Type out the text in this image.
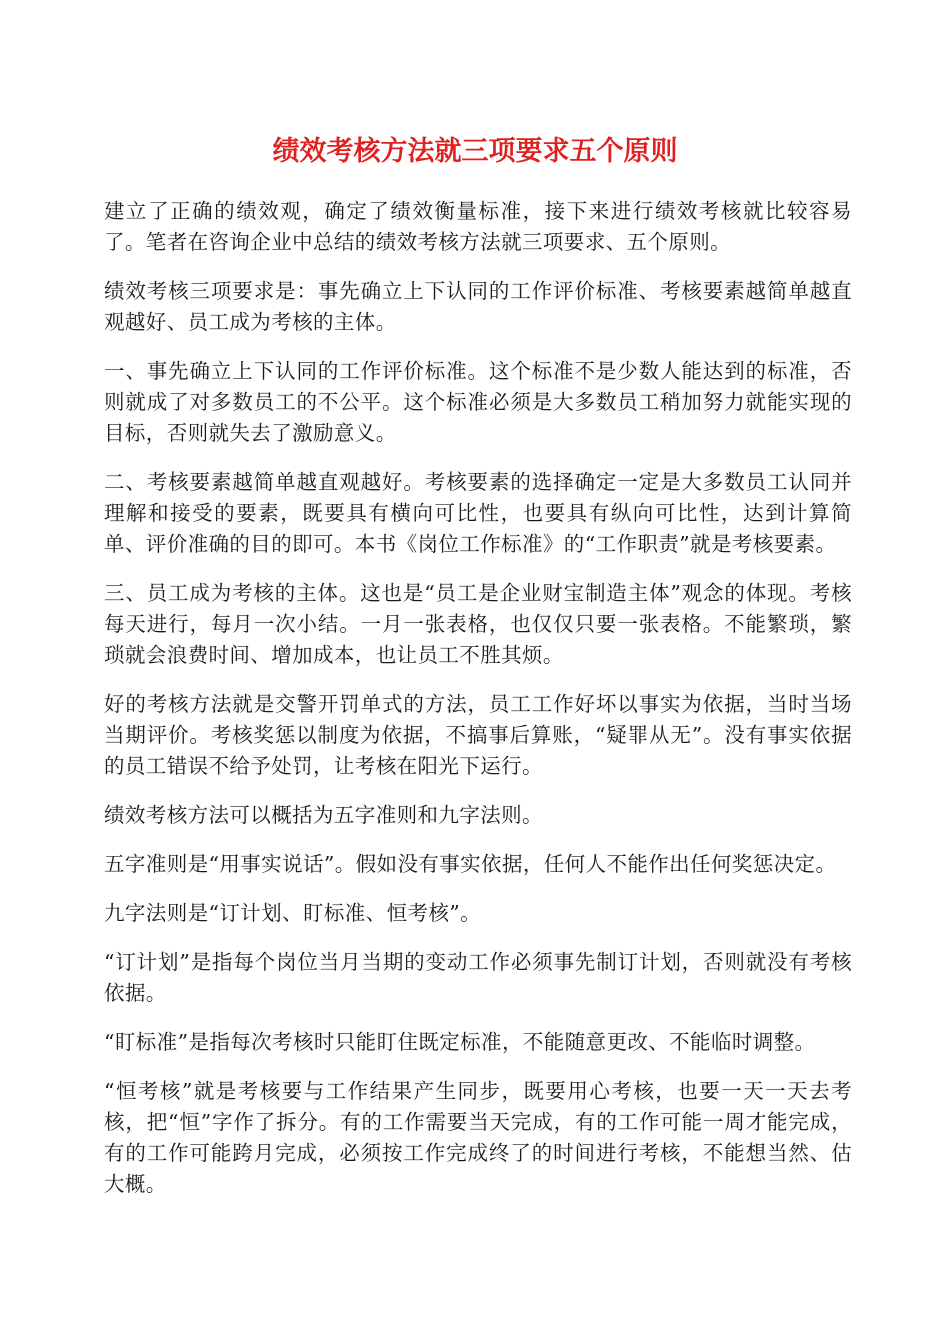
绩效考核方法就三项要求五个原则

建立了正确的绩效观，确定了绩效衡量标准，接下来进行绩效考核就比较容易了。笔者在咨询企业中总结的绩效考核方法就三项要求、五个原则。

绩效考核三项要求是：事先确立上下认同的工作评价标准、考核要素越简单越直观越好、员工成为考核的主体。

一、事先确立上下认同的工作评价标准。这个标准不是少数人能达到的标准，否则就成了对多数员工的不公平。这个标准必须是大多数员工稍加努力就能实现的目标，否则就失去了激励意义。

二、考核要素越简单越直观越好。考核要素的选择确定一定是大多数员工认同并理解和接受的要素，既要具有横向可比性，也要具有纵向可比性，达到计算简单、评价准确的目的即可。本书《岗位工作标准》的“工作职责”就是考核要素。

三、员工成为考核的主体。这也是“员工是企业财宝制造主体”观念的体现。考核每天进行，每月一次小结。一月一张表格，也仅仅只要一张表格。不能繁琐，繁琐就会浪费时间、增加成本，也让员工不胜其烦。

好的考核方法就是交警开罚单式的方法，员工工作好坏以事实为依据，当时当场当期评价。考核奖惩以制度为依据，不搞事后算账，“疑罪从无”。没有事实依据的员工错误不给予处罚，让考核在阳光下运行。

绩效考核方法可以概括为五字准则和九字法则。

五字准则是“用事实说话”。假如没有事实依据，任何人不能作出任何奖惩决定。

九字法则是“订计划、盯标准、恒考核”。

“订计划”是指每个岗位当月当期的变动工作必须事先制订计划，否则就没有考核依据。

“盯标准”是指每次考核时只能盯住既定标准，不能随意更改、不能临时调整。

“恒考核”就是考核要与工作结果产生同步，既要用心考核，也要一天一天去考核，把“恒”字作了拆分。有的工作需要当天完成，有的工作可能一周才能完成，有的工作可能跨月完成，必须按工作完成终了的时间进行考核，不能想当然、估大概。
